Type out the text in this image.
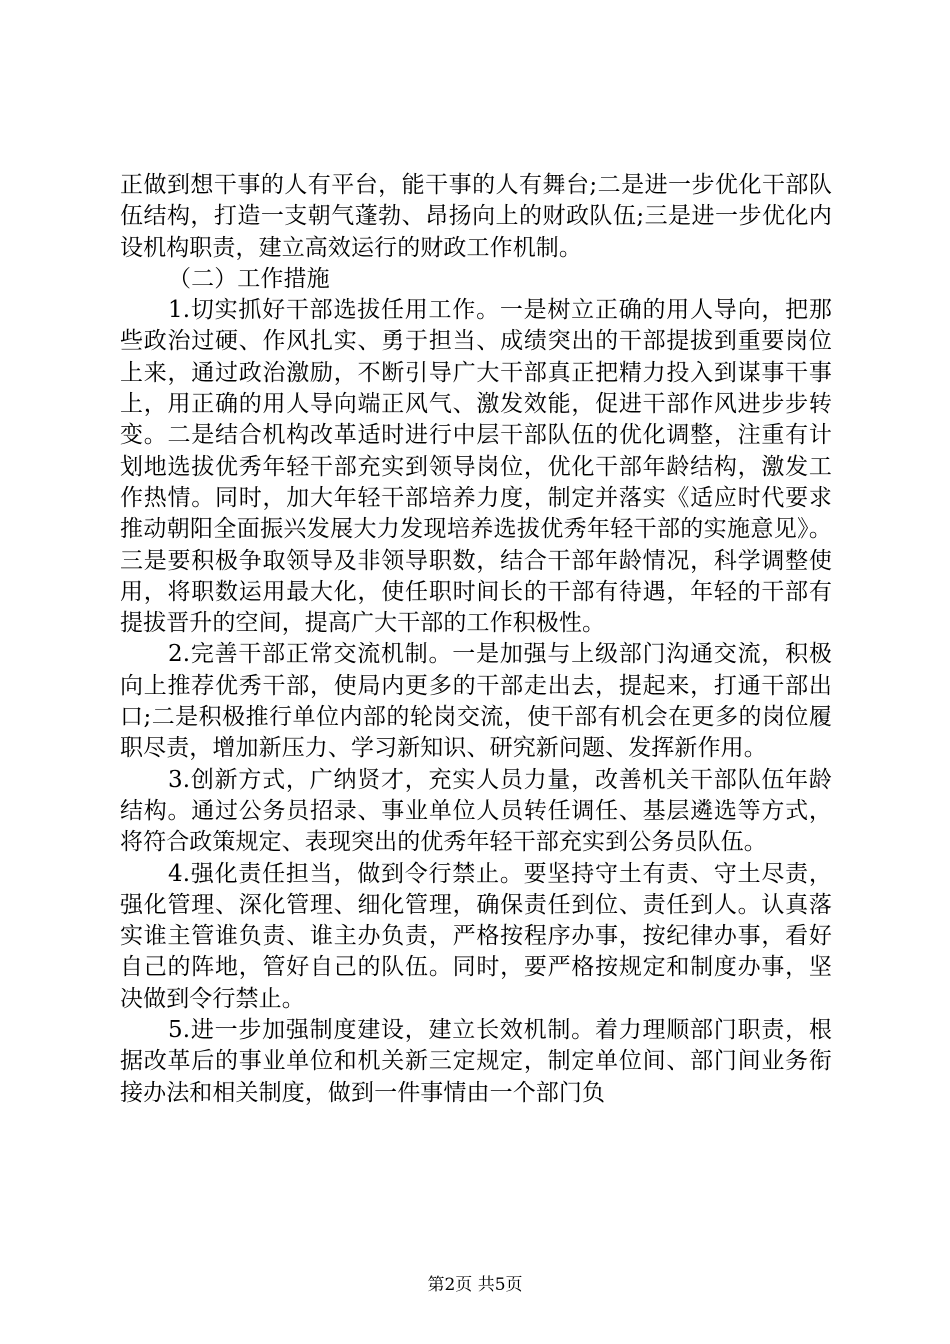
正做到想干事的人有平台，能干事的人有舞台;二是进一步优化干部队伍结构，打造一支朝气蓬勃、昂扬向上的财政队伍;三是进一步优化内设机构职责，建立高效运行的财政工作机制。

（二）工作措施

1.切实抓好干部选拔任用工作。一是树立正确的用人导向，把那些政治过硬、作风扎实、勇于担当、成绩突出的干部提拔到重要岗位上来，通过政治激励，不断引导广大干部真正把精力投入到谋事干事上，用正确的用人导向端正风气、激发效能，促进干部作风进步步转变。二是结合机构改革适时进行中层干部队伍的优化调整，注重有计划地选拔优秀年轻干部充实到领导岗位，优化干部年龄结构，激发工作热情。同时，加大年轻干部培养力度，制定并落实《适应时代要求推动朝阳全面振兴发展大力发现培养选拔优秀年轻干部的实施意见》。三是要积极争取领导及非领导职数，结合干部年龄情况，科学调整使用，将职数运用最大化，使任职时间长的干部有待遇，年轻的干部有提拔晋升的空间，提高广大干部的工作积极性。

2.完善干部正常交流机制。一是加强与上级部门沟通交流，积极向上推荐优秀干部，使局内更多的干部走出去，提起来，打通干部出口;二是积极推行单位内部的轮岗交流，使干部有机会在更多的岗位履职尽责，增加新压力、学习新知识、研究新问题、发挥新作用。

3.创新方式，广纳贤才，充实人员力量，改善机关干部队伍年龄结构。通过公务员招录、事业单位人员转任调任、基层遴选等方式，将符合政策规定、表现突出的优秀年轻干部充实到公务员队伍。

4.强化责任担当，做到令行禁止。要坚持守土有责、守土尽责，强化管理、深化管理、细化管理，确保责任到位、责任到人。认真落实谁主管谁负责、谁主办负责，严格按程序办事，按纪律办事，看好自己的阵地，管好自己的队伍。同时，要严格按规定和制度办事，坚决做到令行禁止。

5.进一步加强制度建设，建立长效机制。着力理顺部门职责，根据改革后的事业单位和机关新三定规定，制定单位间、部门间业务衔接办法和相关制度，做到一件事情由一个部门负

第2页 共5页
